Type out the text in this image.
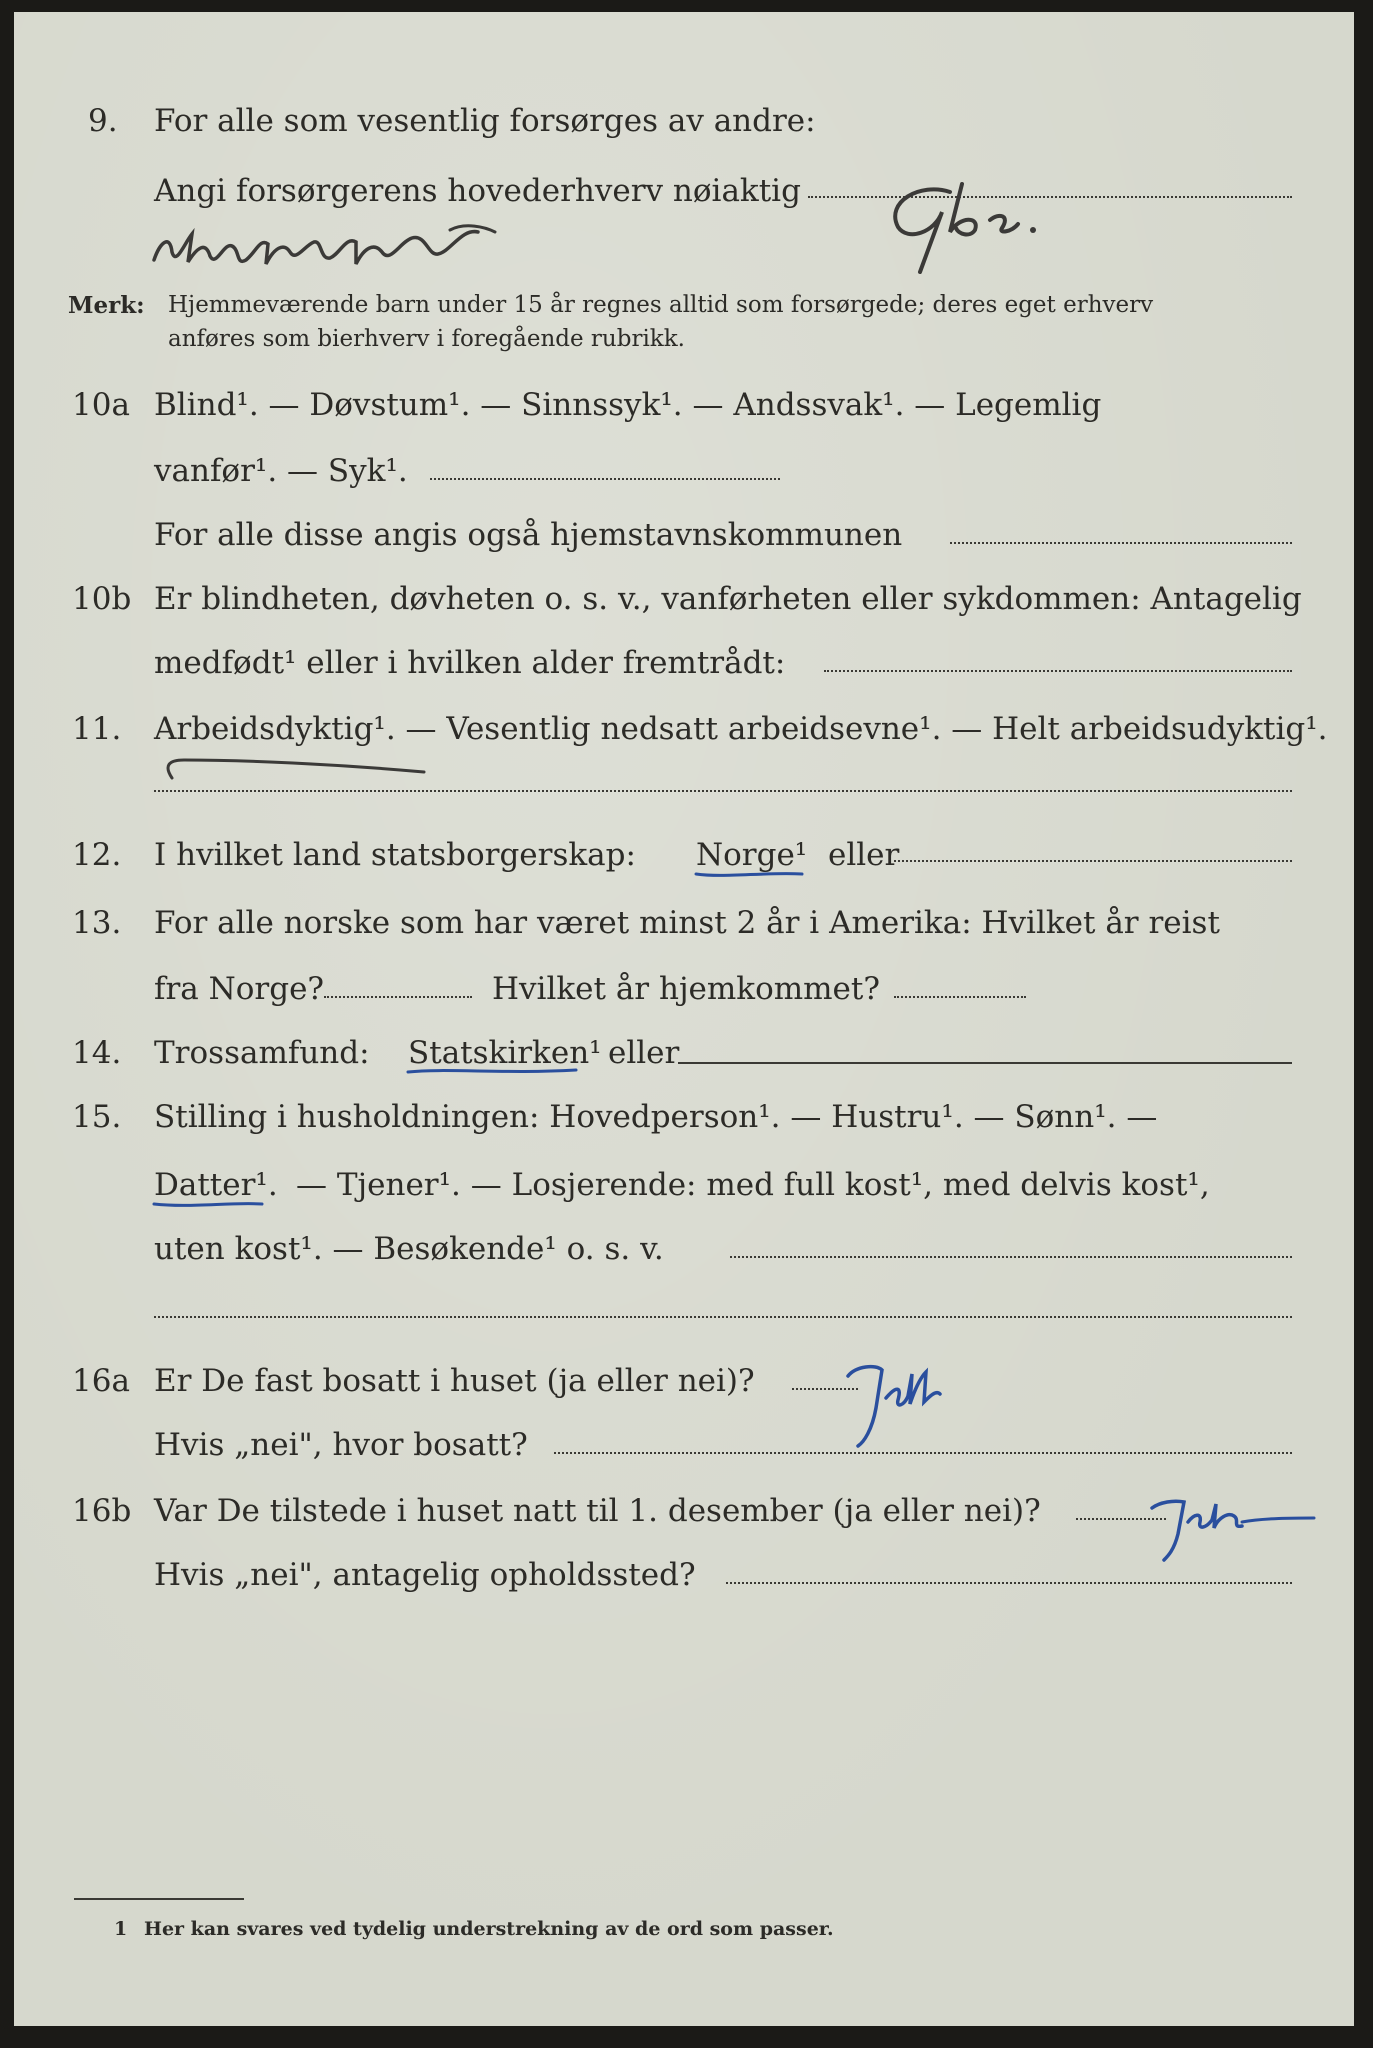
9. For alle som vesentlig forsørges av andre:
Angi forsørgerens hovederhverv nøiaktig
Merk: Hjemmeværende barn under 15 år regnes alltid som forsørgede; deres eget erhverv
anføres som bierhverv i foregående rubrikk.
10a Blind¹. — Døvstum¹. — Sinnssyk¹. — Andssvak¹. — Legemlig
vanfør¹. — Syk¹.
For alle disse angis også hjemstavnskommunen
10b Er blindheten, døvheten o. s. v., vanførheten eller sykdommen: Antagelig
medfødt¹ eller i hvilken alder fremtrådt:
11. Arbeidsdyktig¹. — Vesentlig nedsatt arbeidsevne¹. — Helt arbeidsudyktig¹.
12. I hvilket land statsborgerskap: Norge¹ eller
13. For alle norske som har været minst 2 år i Amerika: Hvilket år reist
fra Norge?	Hvilket år hjemkommet?
14. Trossamfund: Statskirken¹ eller
15. Stilling i husholdningen: Hovedperson¹. — Hustru¹. — Sønn¹. —
Datter¹. — Tjener¹. — Losjerende: med full kost¹, med delvis kost¹,
uten kost¹. — Besøkende¹ o. s. v.
16a Er De fast bosatt i huset (ja eller nei)?
Hvis „nei", hvor bosatt?
16b Var De tilstede i huset natt til 1. desember (ja eller nei)?
Hvis „nei", antagelig opholdssted?
1 Her kan svares ved tydelig understrekning av de ord som passer.
